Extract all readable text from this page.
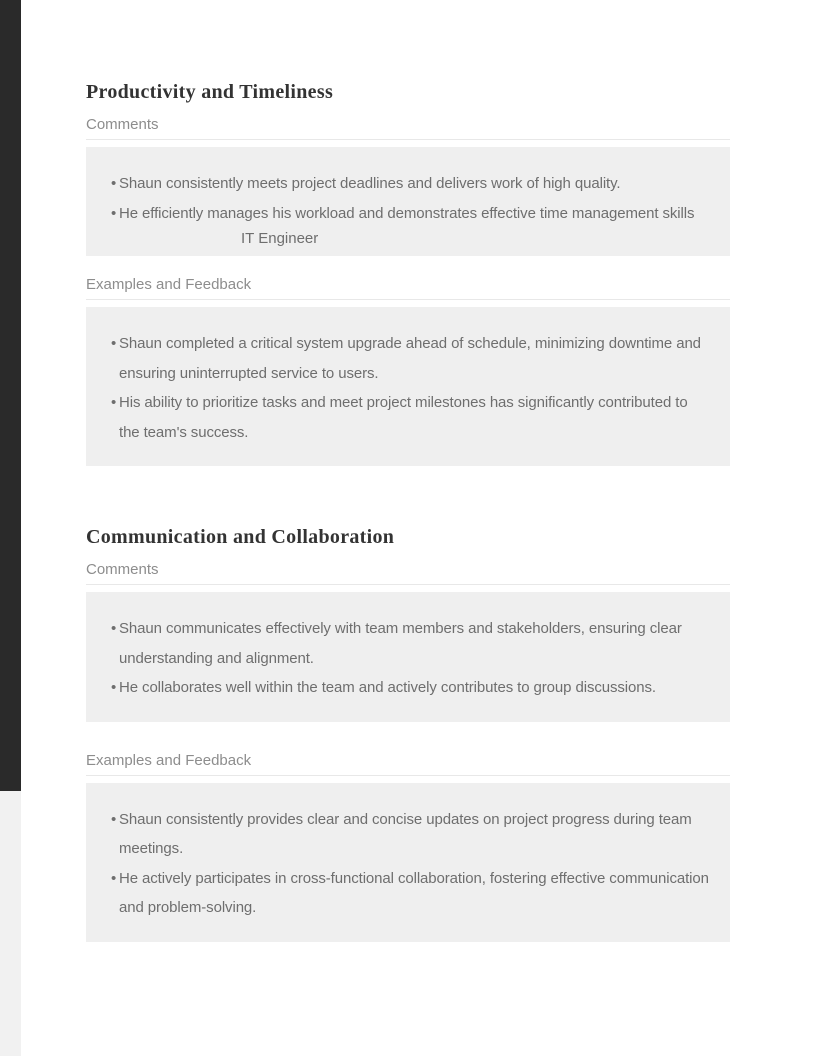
Productivity and Timeliness
Comments
• Shaun consistently meets project deadlines and delivers work of high quality.
• He efficiently manages his workload and demonstrates effective time management skills
IT Engineer
Examples and Feedback
• Shaun completed a critical system upgrade ahead of schedule, minimizing downtime and ensuring uninterrupted service to users.
• His ability to prioritize tasks and meet project milestones has significantly contributed to the team's success.
Communication and Collaboration
Comments
• Shaun communicates effectively with team members and stakeholders, ensuring clear understanding and alignment.
• He collaborates well within the team and actively contributes to group discussions.
Examples and Feedback
• Shaun consistently provides clear and concise updates on project progress during team meetings.
• He actively participates in cross-functional collaboration, fostering effective communication and problem-solving.
